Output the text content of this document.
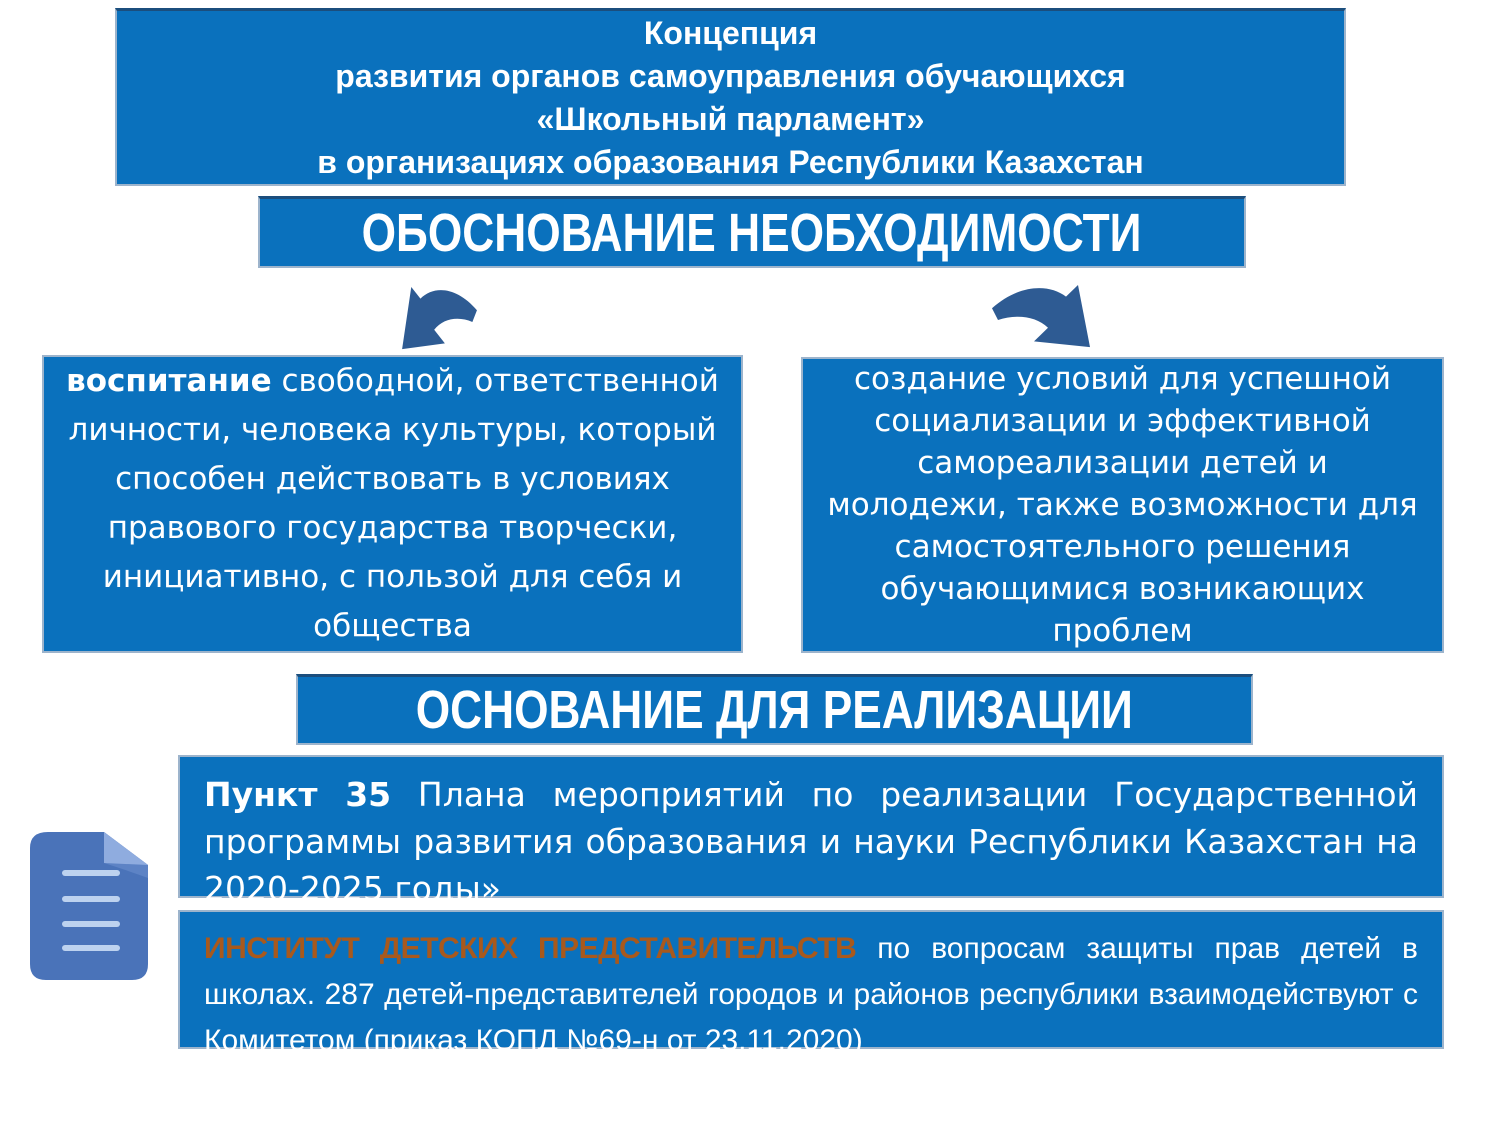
Концепция
развития органов самоуправления обучающихся
«Школьный парламент»
в организациях образования Республики Казахстан
ОБОСНОВАНИЕ НЕОБХОДИМОСТИ

воспитание свободной, ответственной личности, человека культуры, который способен действовать в условиях правового государства творчески, инициативно, с пользой для себя и общества

создание условий для успешной социализации и эффективной самореализации детей и молодежи, также возможности для самостоятельного решения обучающимися возникающих проблем

ОСНОВАНИЕ ДЛЯ РЕАЛИЗАЦИИ

Пункт 35 Плана мероприятий по реализации Государственной программы развития образования и науки Республики Казахстан на 2020-2025 годы»

ИНСТИТУТ ДЕТСКИХ ПРЕДСТАВИТЕЛЬСТВ по вопросам защиты прав детей в школах. 287 детей-представителей городов и районов республики взаимодействуют с Комитетом (приказ КОПД №69-н от 23.11.2020)
